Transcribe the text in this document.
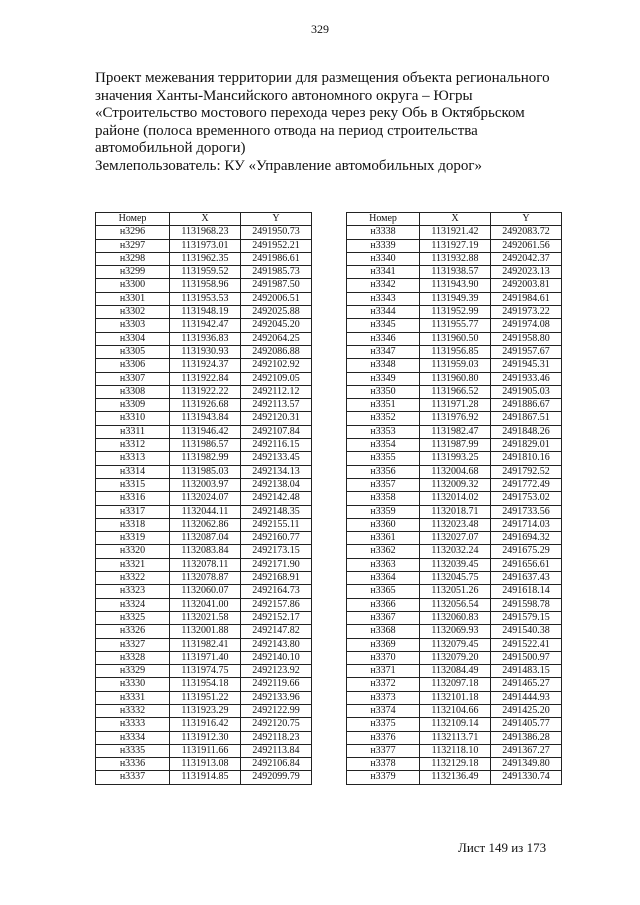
329
Проект межевания территории для размещения объекта регионального
значения Ханты-Мансийского автономного округа – Югры
«Строительство мостового перехода через реку Обь в Октябрьском
районе (полоса временного отвода на период строительства
автомобильной дороги)
Землепользователь: КУ «Управление автомобильных дорог»
Номер	X	Y
н3296	1131968.23	2491950.73
н3297	1131973.01	2491952.21
н3298	1131962.35	2491986.61
н3299	1131959.52	2491985.73
н3300	1131958.96	2491987.50
н3301	1131953.53	2492006.51
н3302	1131948.19	2492025.88
н3303	1131942.47	2492045.20
н3304	1131936.83	2492064.25
н3305	1131930.93	2492086.88
н3306	1131924.37	2492102.92
н3307	1131922.84	2492109.05
н3308	1131922.22	2492112.12
н3309	1131926.68	2492113.57
н3310	1131943.84	2492120.31
н3311	1131946.42	2492107.84
н3312	1131986.57	2492116.15
н3313	1131982.99	2492133.45
н3314	1131985.03	2492134.13
н3315	1132003.97	2492138.04
н3316	1132024.07	2492142.48
н3317	1132044.11	2492148.35
н3318	1132062.86	2492155.11
н3319	1132087.04	2492160.77
н3320	1132083.84	2492173.15
н3321	1132078.11	2492171.90
н3322	1132078.87	2492168.91
н3323	1132060.07	2492164.73
н3324	1132041.00	2492157.86
н3325	1132021.58	2492152.17
н3326	1132001.88	2492147.82
н3327	1131982.41	2492143.80
н3328	1131971.40	2492140.10
н3329	1131974.75	2492123.92
н3330	1131954.18	2492119.66
н3331	1131951.22	2492133.96
н3332	1131923.29	2492122.99
н3333	1131916.42	2492120.75
н3334	1131912.30	2492118.23
н3335	1131911.66	2492113.84
н3336	1131913.08	2492106.84
н3337	1131914.85	2492099.79
Номер	X	Y
н3338	1131921.42	2492083.72
н3339	1131927.19	2492061.56
н3340	1131932.88	2492042.37
н3341	1131938.57	2492023.13
н3342	1131943.90	2492003.81
н3343	1131949.39	2491984.61
н3344	1131952.99	2491973.22
н3345	1131955.77	2491974.08
н3346	1131960.50	2491958.80
н3347	1131956.85	2491957.67
н3348	1131959.03	2491945.31
н3349	1131960.80	2491933.46
н3350	1131966.52	2491905.03
н3351	1131971.28	2491886.67
н3352	1131976.92	2491867.51
н3353	1131982.47	2491848.26
н3354	1131987.99	2491829.01
н3355	1131993.25	2491810.16
н3356	1132004.68	2491792.52
н3357	1132009.32	2491772.49
н3358	1132014.02	2491753.02
н3359	1132018.71	2491733.56
н3360	1132023.48	2491714.03
н3361	1132027.07	2491694.32
н3362	1132032.24	2491675.29
н3363	1132039.45	2491656.61
н3364	1132045.75	2491637.43
н3365	1132051.26	2491618.14
н3366	1132056.54	2491598.78
н3367	1132060.83	2491579.15
н3368	1132069.93	2491540.38
н3369	1132079.45	2491522.41
н3370	1132079.20	2491500.97
н3371	1132084.49	2491483.15
н3372	1132097.18	2491465.27
н3373	1132101.18	2491444.93
н3374	1132104.66	2491425.20
н3375	1132109.14	2491405.77
н3376	1132113.71	2491386.28
н3377	1132118.10	2491367.27
н3378	1132129.18	2491349.80
н3379	1132136.49	2491330.74
Лист 149 из 173
